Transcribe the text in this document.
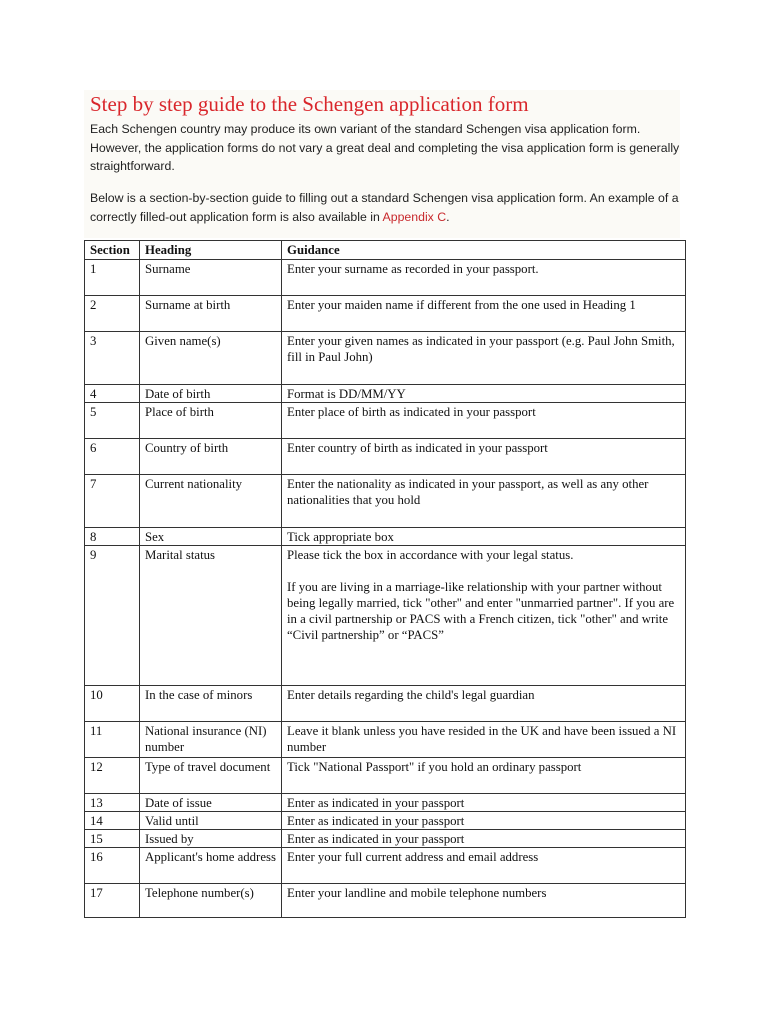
Step by step guide to the Schengen application form
Each Schengen country may produce its own variant of the standard Schengen visa application form. However, the application forms do not vary a great deal and completing the visa application form is generally straightforward.
Below is a section-by-section guide to filling out a standard Schengen visa application form. An example of a correctly filled-out application form is also available in Appendix C.
Section	Heading	Guidance
1	Surname	Enter your surname as recorded in your passport.
2	Surname at birth	Enter your maiden name if different from the one used in Heading 1
3	Given name(s)	Enter your given names as indicated in your passport (e.g. Paul John Smith, fill in Paul John)
4	Date of birth	Format is DD/MM/YY
5	Place of birth	Enter place of birth as indicated in your passport
6	Country of birth	Enter country of birth as indicated in your passport
7	Current nationality	Enter the nationality as indicated in your passport, as well as any other nationalities that you hold
8	Sex	Tick appropriate box
9	Marital status	Please tick the box in accordance with your legal status.
If you are living in a marriage-like relationship with your partner without being legally married, tick "other" and enter "unmarried partner". If you are in a civil partnership or PACS with a French citizen, tick "other" and write “Civil partnership” or “PACS”

10	In the case of minors	Enter details regarding the child's legal guardian
11	National insurance (NI) number	Leave it blank unless you have resided in the UK and have been issued a NI number
12	Type of travel document	Tick "National Passport" if you hold an ordinary passport
13	Date of issue	Enter as indicated in your passport
14	Valid until	Enter as indicated in your passport
15	Issued by	Enter as indicated in your passport
16	Applicant's home address	Enter your full current address and email address
17	Telephone number(s)	Enter your landline and mobile telephone numbers
